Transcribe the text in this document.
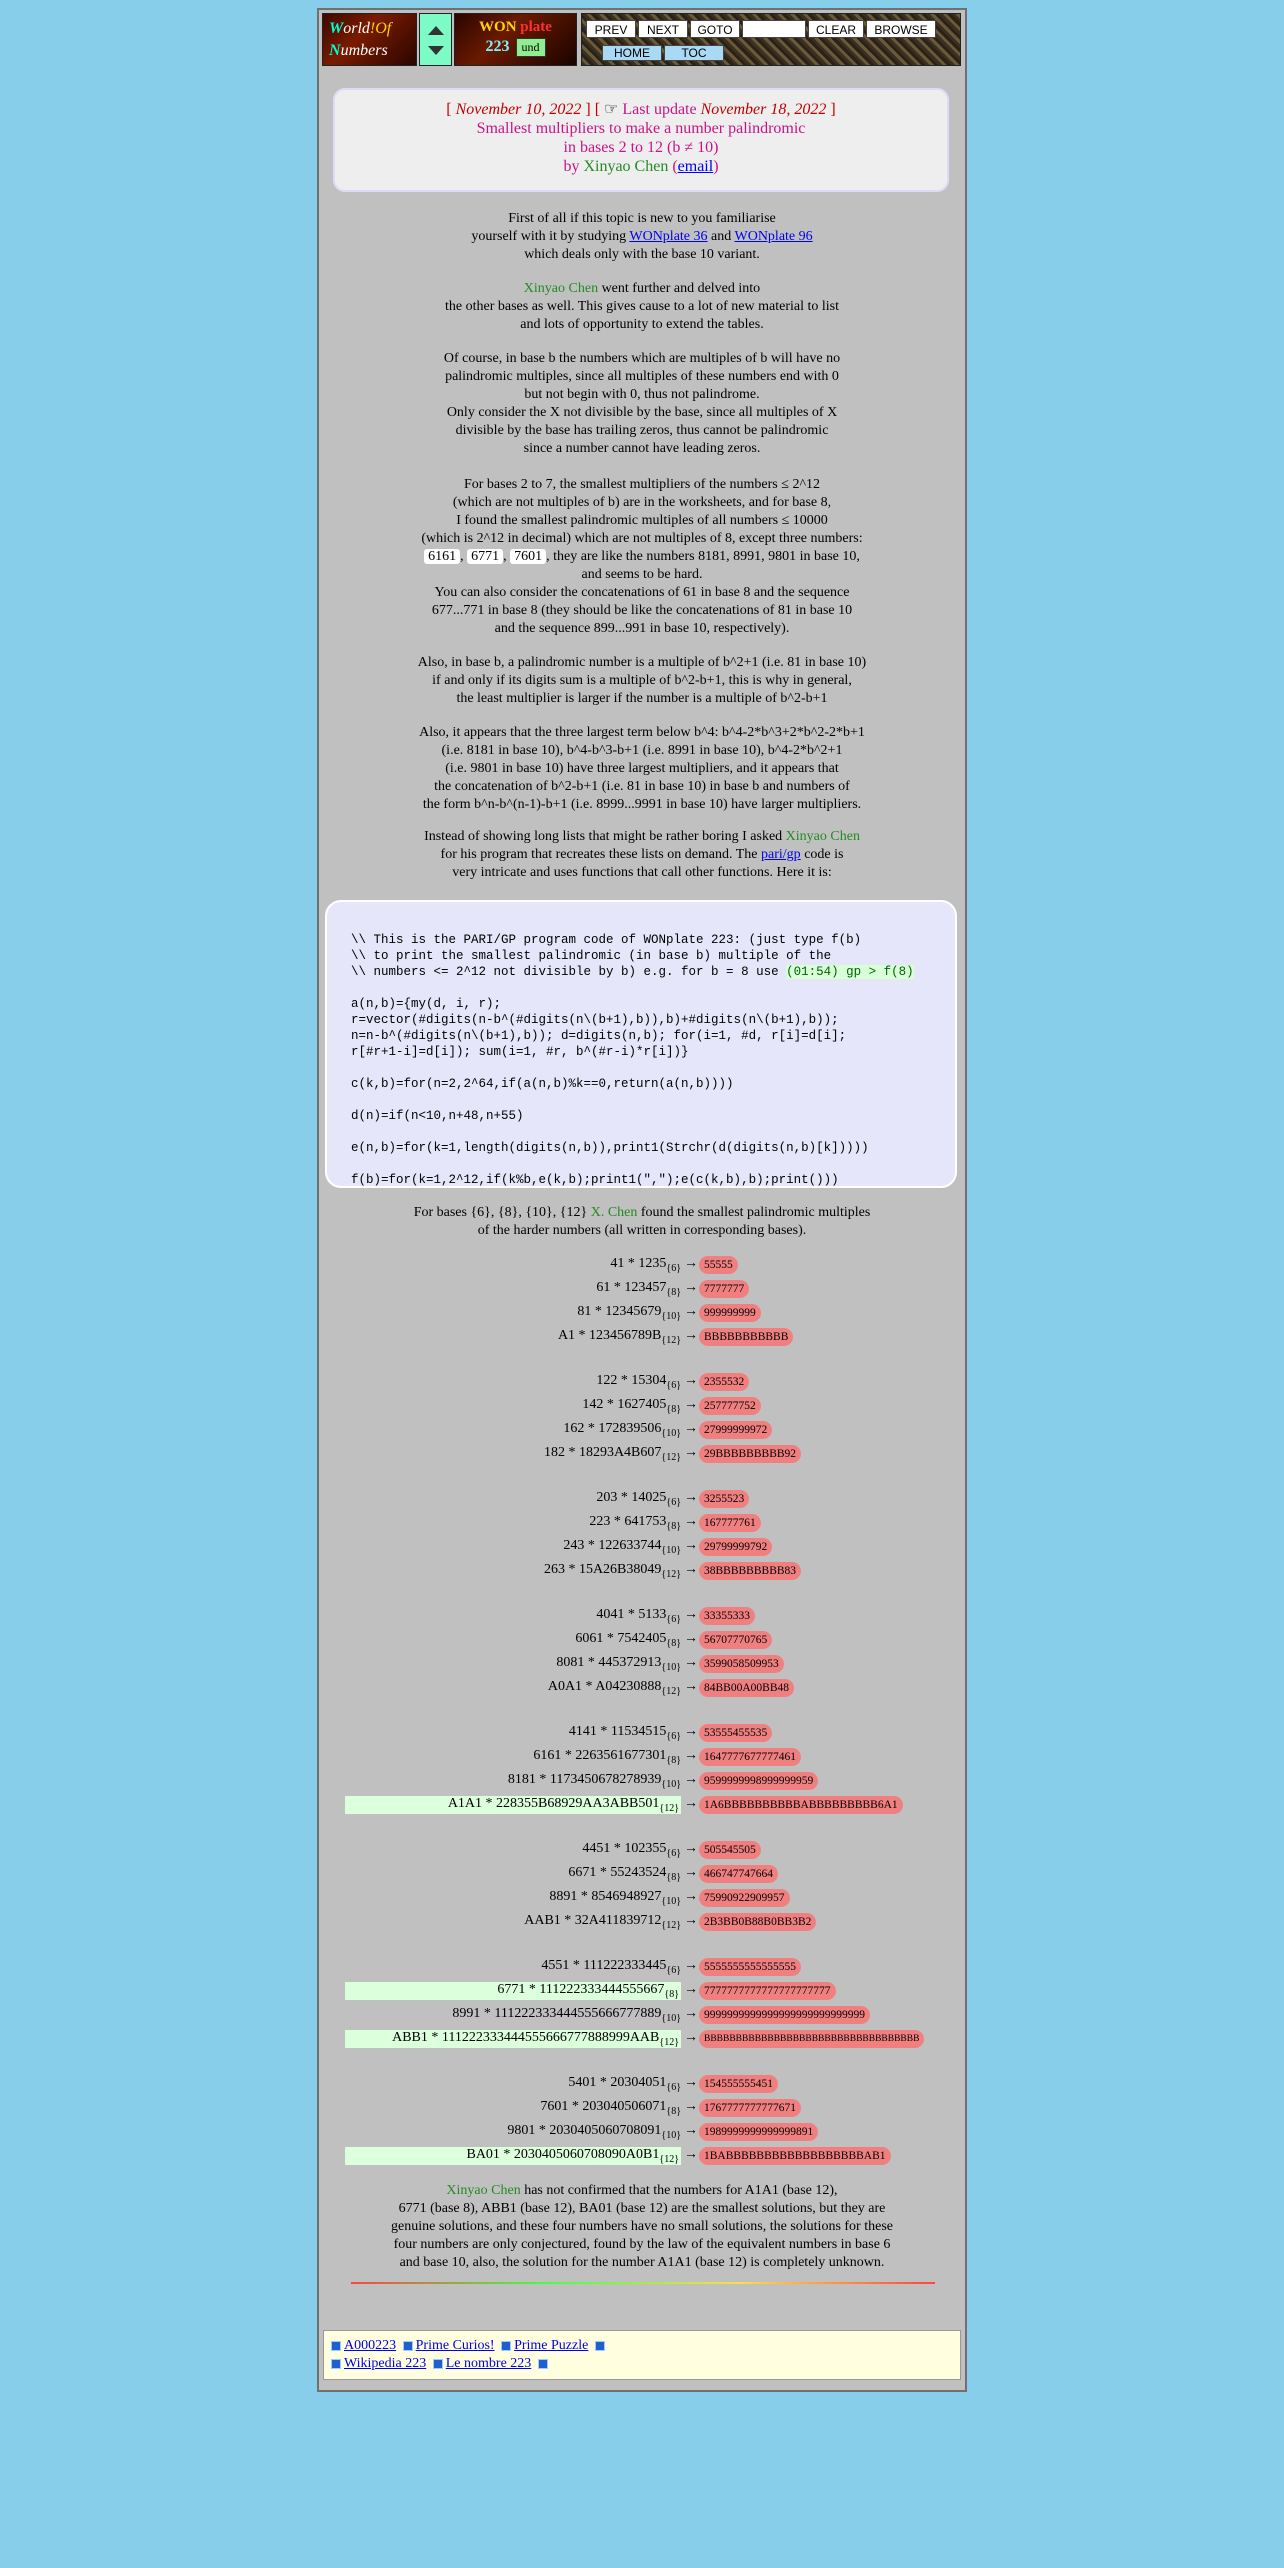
World!Of
Numbers
WON plate
223 und
PREV	NEXT	GOTO	CLEAR	BROWSE
HOME	TOC
[ November 10, 2022 ] [ ☞ Last update November 18, 2022 ]
Smallest multipliers to make a number palindromic
in bases 2 to 12 (b ≠ 10)
by Xinyao Chen (email)
First of all if this topic is new to you familiarise
yourself with it by studying WONplate 36 and WONplate 96
which deals only with the base 10 variant.
Xinyao Chen went further and delved into
the other bases as well. This gives cause to a lot of new material to list
and lots of opportunity to extend the tables.
Of course, in base b the numbers which are multiples of b will have no
palindromic multiples, since all multiples of these numbers end with 0
but not begin with 0, thus not palindrome.
Only consider the X not divisible by the base, since all multiples of X
divisible by the base has trailing zeros, thus cannot be palindromic
since a number cannot have leading zeros.
For bases 2 to 7, the smallest multipliers of the numbers ≤ 2^12
(which are not multiples of b) are in the worksheets, and for base 8,
I found the smallest palindromic multiples of all numbers ≤ 10000
(which is 2^12 in decimal) which are not multiples of 8, except three numbers:
6161 , 6771 , 7601 , they are like the numbers 8181, 8991, 9801 in base 10,
and seems to be hard.
You can also consider the concatenations of 61 in base 8 and the sequence
677...771 in base 8 (they should be like the concatenations of 81 in base 10
and the sequence 899...991 in base 10, respectively).
Also, in base b, a palindromic number is a multiple of b^2+1 (i.e. 81 in base 10)
if and only if its digits sum is a multiple of b^2-b+1, this is why in general,
the least multiplier is larger if the number is a multiple of b^2-b+1
Also, it appears that the three largest term below b^4: b^4-2*b^3+2*b^2-2*b+1
(i.e. 8181 in base 10), b^4-b^3-b+1 (i.e. 8991 in base 10), b^4-2*b^2+1
(i.e. 9801 in base 10) have three largest multipliers, and it appears that
the concatenation of b^2-b+1 (i.e. 81 in base 10) in base b and numbers of
the form b^n-b^(n-1)-b+1 (i.e. 8999...9991 in base 10) have larger multipliers.
Instead of showing long lists that might be rather boring I asked Xinyao Chen
for his program that recreates these lists on demand. The pari/gp code is
very intricate and uses functions that call other functions. Here it is:

\\ This is the PARI/GP program code of WONplate 223: (just type f(b)
\\ to print the smallest palindromic (in base b) multiple of the
\\ numbers <= 2^12 not divisible by b) e.g. for b = 8 use (01:54) gp > f(8)
a(n,b)={my(d, i, r);
r=vector(#digits(n-b^(#digits(n\(b+1),b)),b)+#digits(n\(b+1),b));
n=n-b^(#digits(n\(b+1),b)); d=digits(n,b); for(i=1, #d, r[i]=d[i];
r[#r+1-i]=d[i]); sum(i=1, #r, b^(#r-i)*r[i])}
c(k,b)=for(n=2,2^64,if(a(n,b)%k==0,return(a(n,b))))
d(n)=if(n<10,n+48,n+55)
e(n,b)=for(k=1,length(digits(n,b)),print1(Strchr(d(digits(n,b)[k]))))
f(b)=for(k=1,2^12,if(k%b,e(k,b);print1(",");e(c(k,b),b);print()))

For bases {6}, {8}, {10}, {12} X. Chen found the smallest palindromic multiples
of the harder numbers (all written in corresponding bases).
$41 * 1235_{\{6\}} \to 55555$
$61 * 123457_{\{8\}} \to 7777777$
$81 * 12345679_{\{10\}} \to 999999999$
$A1 * 123456789B_{\{12\}}$ → BBBBBBBBBBB
$122 * 15304_{\{6\}} \to 2355532$
$142 * 1627405_{\{8\}} \to 257777752$
$162 * 172839506_{\{10\}} \to 27999999972$
$182 * 18293A4B607_{\{12\}}$ → 29BBBBBBBBB92
$203 * 14025_{\{6\}} \to 3255523$
$223 * 641753_{\{8\}} \to 167777761$
$243 * 122633744_{\{10\}} \to 29799999792$
$263 * 15A26B38049_{\{12\}}$ → 38BBBBBBBBB83
$4041 * 5133_{\{6\}} \to 33355333$
$6061 * 7542405_{\{8\}} \to 56707770765$
$8081 * 445372913_{\{10\}} \to 3599058509953$
$A0A1 * A04230888_{\{12\}} \to 84BB00A00BB48$
$4141 * 11534515_{\{6\}} \to 53555455535$
$6161 * 2263561677301_{\{8\}} \to 1647777677777461$
$8181 * 1173450678278939_{\{10\}} \to 9599999998999999959$
$A1A1 * 228355B68929AA3ABB501_{\{12\}}$ → 1A6BBBBBBBBBBABBBBBBBBB6A1
$4451 * 102355_{\{6\}} \to 505545505$
$6671 * 55243524_{\{8\}} \to 466747747664$
$8891 * 8546948927_{\{10\}} \to 75990922909957$
$AAB1 * 32A411839712_{\{12\}} \to 2B3BB0B88B0BB3B2$
$4551 * 111222333445_{\{6\}} \to 5555555555555555$
$6771 * 111222333444555667_{\{8\}} \to 7777777777777777777777$
$8991 * 111222333444555666777889_{\{10\}} \to 9999999999999999999999999999$
$ABB1 * 111222333444555666777888999AAB_{\{12\}}$ → BBBBBBBBBBBBBBBBBBBBBBBBBBBBBBBBBB
$5401 * 20304051_{\{6\}} \to 154555555451$
$7601 * 203040506071_{\{8\}} \to 1767777777777671$
$9801 * 2030405060708091_{\{10\}} \to 1989999999999999891$
$BA01 * 2030405060708090A0B1_{\{12\}}$ → 1BABBBBBBBBBBBBBBBBBBAB1
Xinyao Chen has not confirmed that the numbers for A1A1 (base 12),
6771 (base 8), ABB1 (base 12), BA01 (base 12) are the smallest solutions, but they are
genuine solutions, and these four numbers have no small solutions, the solutions for these
four numbers are only conjectured, found by the law of the equivalent numbers in base 6
and base 10, also, the solution for the number A1A1 (base 12) is completely unknown.
A000223 Prime Curios! Prime Puzzle
Wikipedia 223 Le nombre 223
